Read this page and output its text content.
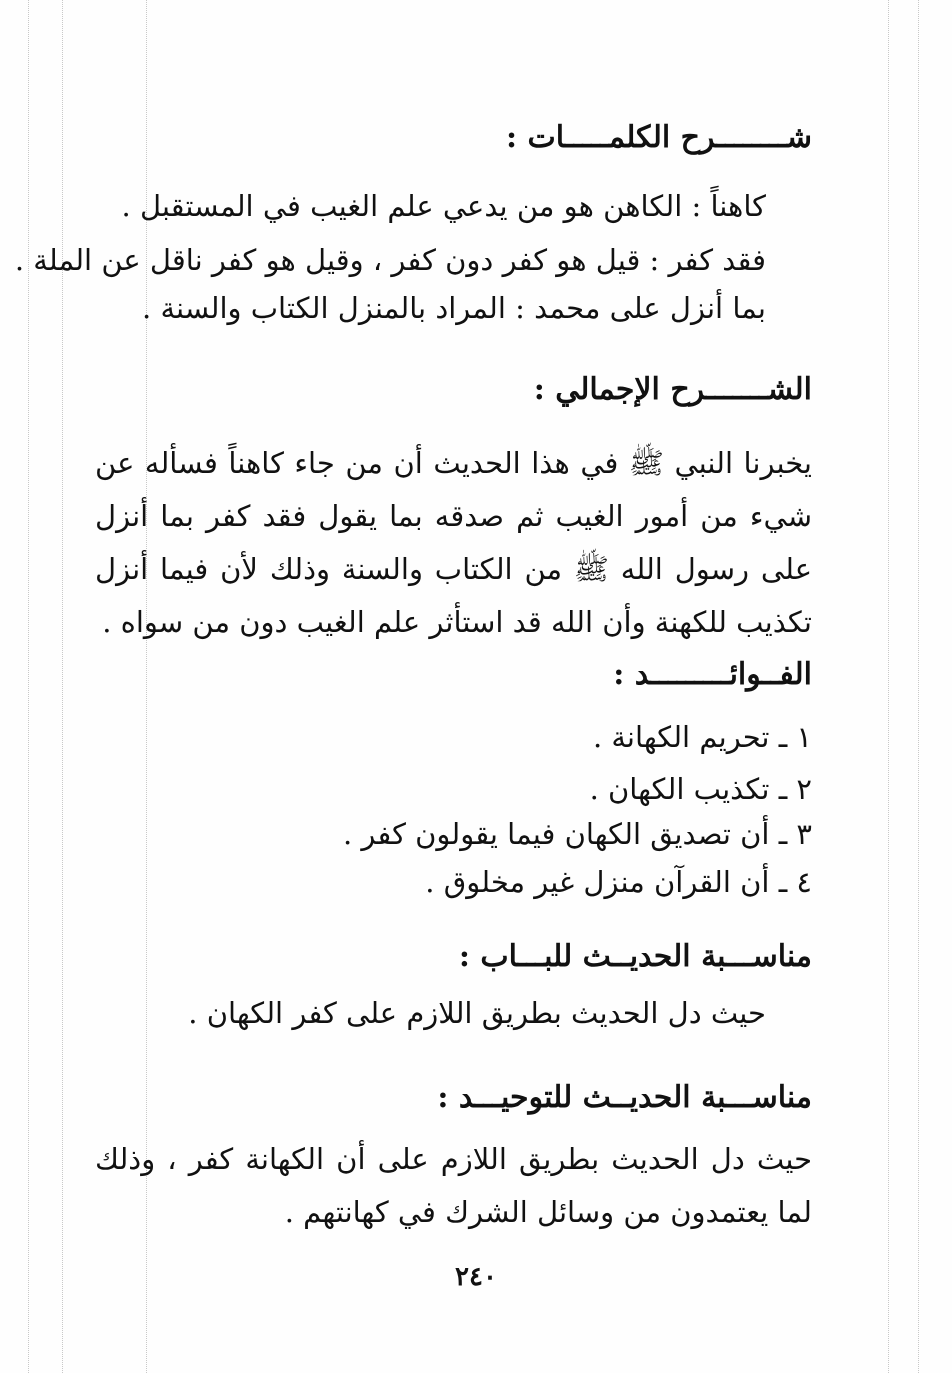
شــــــــرح الكلمـــــات :
كاهناً : الكاهن هو من يدعي علم الغيب في المستقبل .
فقد كفر : قيل هو كفر دون كفر ، وقيل هو كفر ناقل عن الملة .
بما أنزل على محمد : المراد بالمنزل الكتاب والسنة .
الشـــــــرح الإجمالي :
يخبرنا النبي ﷺ في هذا الحديث أن من جاء كاهناً فسأله عن شيء من أمور الغيب ثم صدقه بما يقول فقد كفر بما أنزل على رسول الله ﷺ من الكتاب والسنة وذلك لأن فيما أنزل تكذيب للكهنة وأن الله قد استأثر علم الغيب دون من سواه .
الفــوائـــــــــد :
١ ـ تحريم الكهانة .
٢ ـ تكذيب الكهان .
٣ ـ أن تصديق الكهان فيما يقولون كفر .
٤ ـ أن القرآن منزل غير مخلوق .
مناســـبة الحديــث للبـــاب :
حيث دل الحديث بطريق اللازم على كفر الكهان .
مناســـبة الحديــث للتوحيـــد :
حيث دل الحديث بطريق اللازم على أن الكهانة كفر ، وذلك لما يعتمدون من وسائل الشرك في كهانتهم .
٢٤٠
